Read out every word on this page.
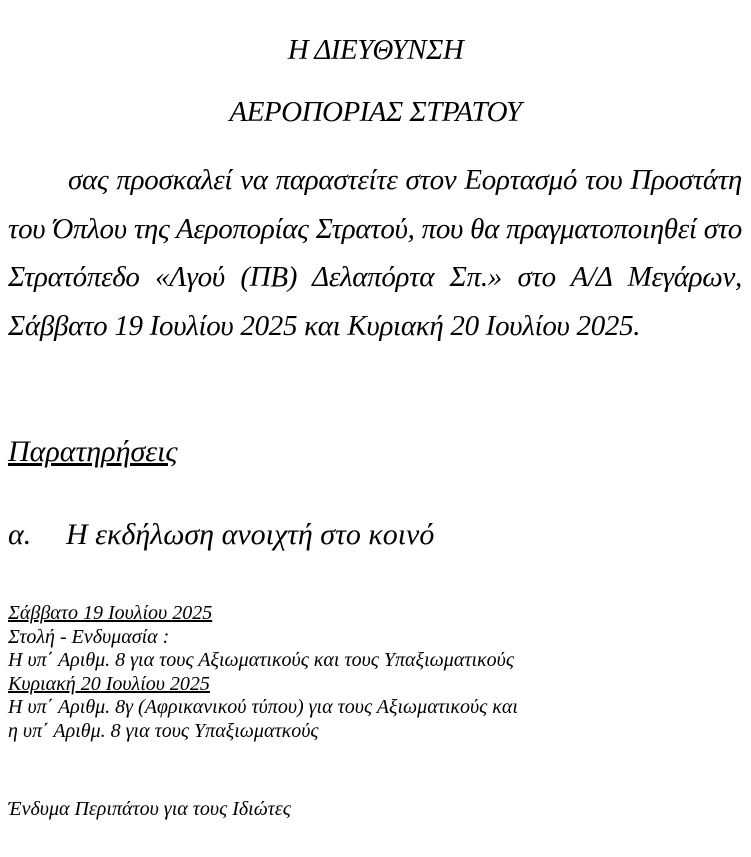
Η ΔΙΕΥΘΥΝΣΗ
ΑΕΡΟΠΟΡΙΑΣ ΣΤΡΑΤΟΥ
σας προσκαλεί να παραστείτε στον Εορτασμό του Προστάτη του Όπλου της Αεροπορίας Στρατού, που θα πραγματοποιηθεί στο Στρατόπεδο «Λγού (ΠΒ) Δελαπόρτα Σπ.» στο Α/Δ Μεγάρων, Σάββατο 19 Ιουλίου 2025 και Κυριακή 20 Ιουλίου 2025.
Παρατηρήσεις
α. Η εκδήλωση ανοιχτή στο κοινό
Σάββατο 19 Ιουλίου 2025
Στολή - Ενδυμασία :
Η υπ΄ Αριθμ. 8 για τους Αξιωματικούς και τους Υπαξιωματικούς
Κυριακή 20 Ιουλίου 2025
Η υπ΄ Αριθμ. 8γ (Αφρικανικού τύπου) για τους Αξιωματικούς και
η υπ΄ Αριθμ. 8 για τους Υπαξιωματκούς
Ένδυμα Περιπάτου για τους Ιδιώτες
